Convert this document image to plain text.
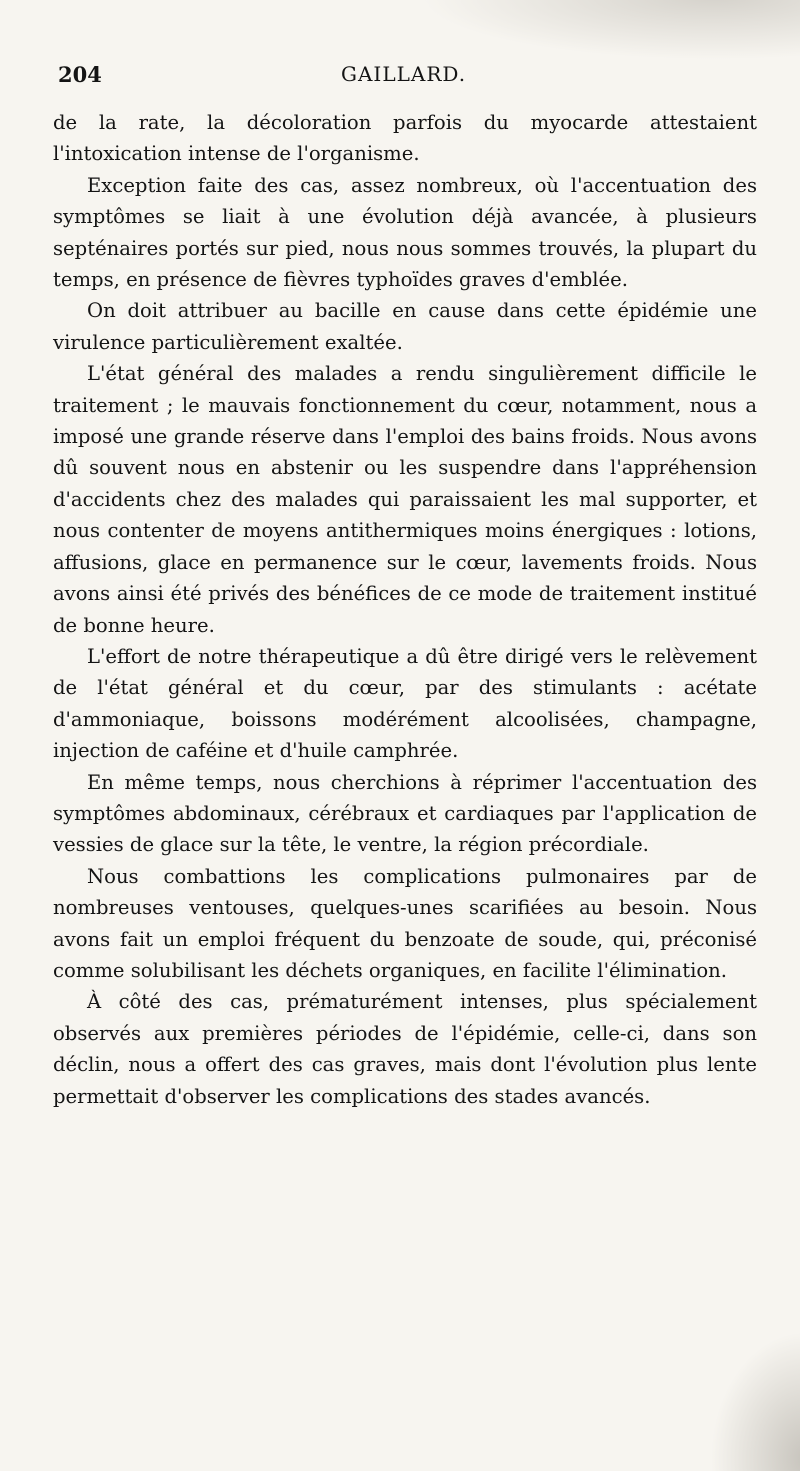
204	GAILLARD.

de la rate, la décoloration parfois du myocarde attestaient l'intoxication intense de l'organisme.

Exception faite des cas, assez nombreux, où l'accentuation des symptômes se liait à une évolution déjà avancée, à plusieurs septénaires portés sur pied, nous nous sommes trouvés, la plupart du temps, en présence de fièvres typhoïdes graves d'emblée.

On doit attribuer au bacille en cause dans cette épidémie une virulence particulièrement exaltée.

L'état général des malades a rendu singulièrement difficile le traitement ; le mauvais fonctionnement du cœur, notamment, nous a imposé une grande réserve dans l'emploi des bains froids. Nous avons dû souvent nous en abstenir ou les suspendre dans l'appréhension d'accidents chez des malades qui paraissaient les mal supporter, et nous contenter de moyens antithermiques moins énergiques : lotions, affusions, glace en permanence sur le cœur, lavements froids. Nous avons ainsi été privés des bénéfices de ce mode de traitement institué de bonne heure.

L'effort de notre thérapeutique a dû être dirigé vers le relèvement de l'état général et du cœur, par des stimulants : acétate d'ammoniaque, boissons modérément alcoolisées, champagne, injection de caféine et d'huile camphrée.

En même temps, nous cherchions à réprimer l'accentuation des symptômes abdominaux, cérébraux et cardiaques par l'application de vessies de glace sur la tête, le ventre, la région précordiale.

Nous combattions les complications pulmonaires par de nombreuses ventouses, quelques-unes scarifiées au besoin. Nous avons fait un emploi fréquent du benzoate de soude, qui, préconisé comme solubilisant les déchets organiques, en facilite l'élimination.

À côté des cas, prématurément intenses, plus spécialement observés aux premières périodes de l'épidémie, celle-ci, dans son déclin, nous a offert des cas graves, mais dont l'évolution plus lente permettait d'observer les complications des stades avancés.
